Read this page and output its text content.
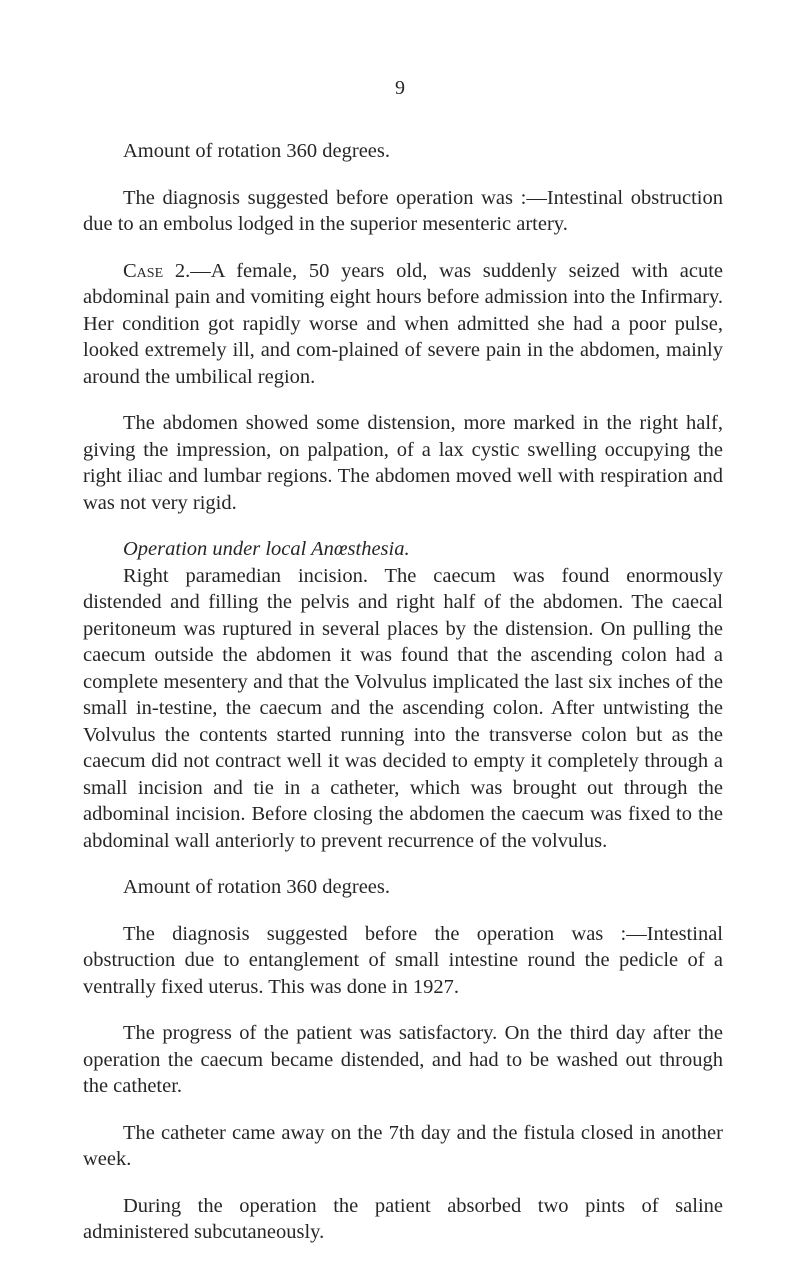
9

Amount of rotation 360 degrees.

The diagnosis suggested before operation was :—Intestinal obstruction due to an embolus lodged in the superior mesenteric artery.

Case 2.—A female, 50 years old, was suddenly seized with acute abdominal pain and vomiting eight hours before admission into the Infirmary. Her condition got rapidly worse and when admitted she had a poor pulse, looked extremely ill, and com-plained of severe pain in the abdomen, mainly around the umbilical region.

The abdomen showed some distension, more marked in the right half, giving the impression, on palpation, of a lax cystic swelling occupying the right iliac and lumbar regions. The abdomen moved well with respiration and was not very rigid.

Operation under local Anœsthesia.

Right paramedian incision. The caecum was found enormously distended and filling the pelvis and right half of the abdomen. The caecal peritoneum was ruptured in several places by the distension. On pulling the caecum outside the abdomen it was found that the ascending colon had a complete mesentery and that the Volvulus implicated the last six inches of the small in-testine, the caecum and the ascending colon. After untwisting the Volvulus the contents started running into the transverse colon but as the caecum did not contract well it was decided to empty it completely through a small incision and tie in a catheter, which was brought out through the adbominal incision. Before closing the abdomen the caecum was fixed to the abdominal wall anteriorly to prevent recurrence of the volvulus.

Amount of rotation 360 degrees.

The diagnosis suggested before the operation was :—Intestinal obstruction due to entanglement of small intestine round the pedicle of a ventrally fixed uterus. This was done in 1927.

The progress of the patient was satisfactory. On the third day after the operation the caecum became distended, and had to be washed out through the catheter.

The catheter came away on the 7th day and the fistula closed in another week.

During the operation the patient absorbed two pints of saline administered subcutaneously.
